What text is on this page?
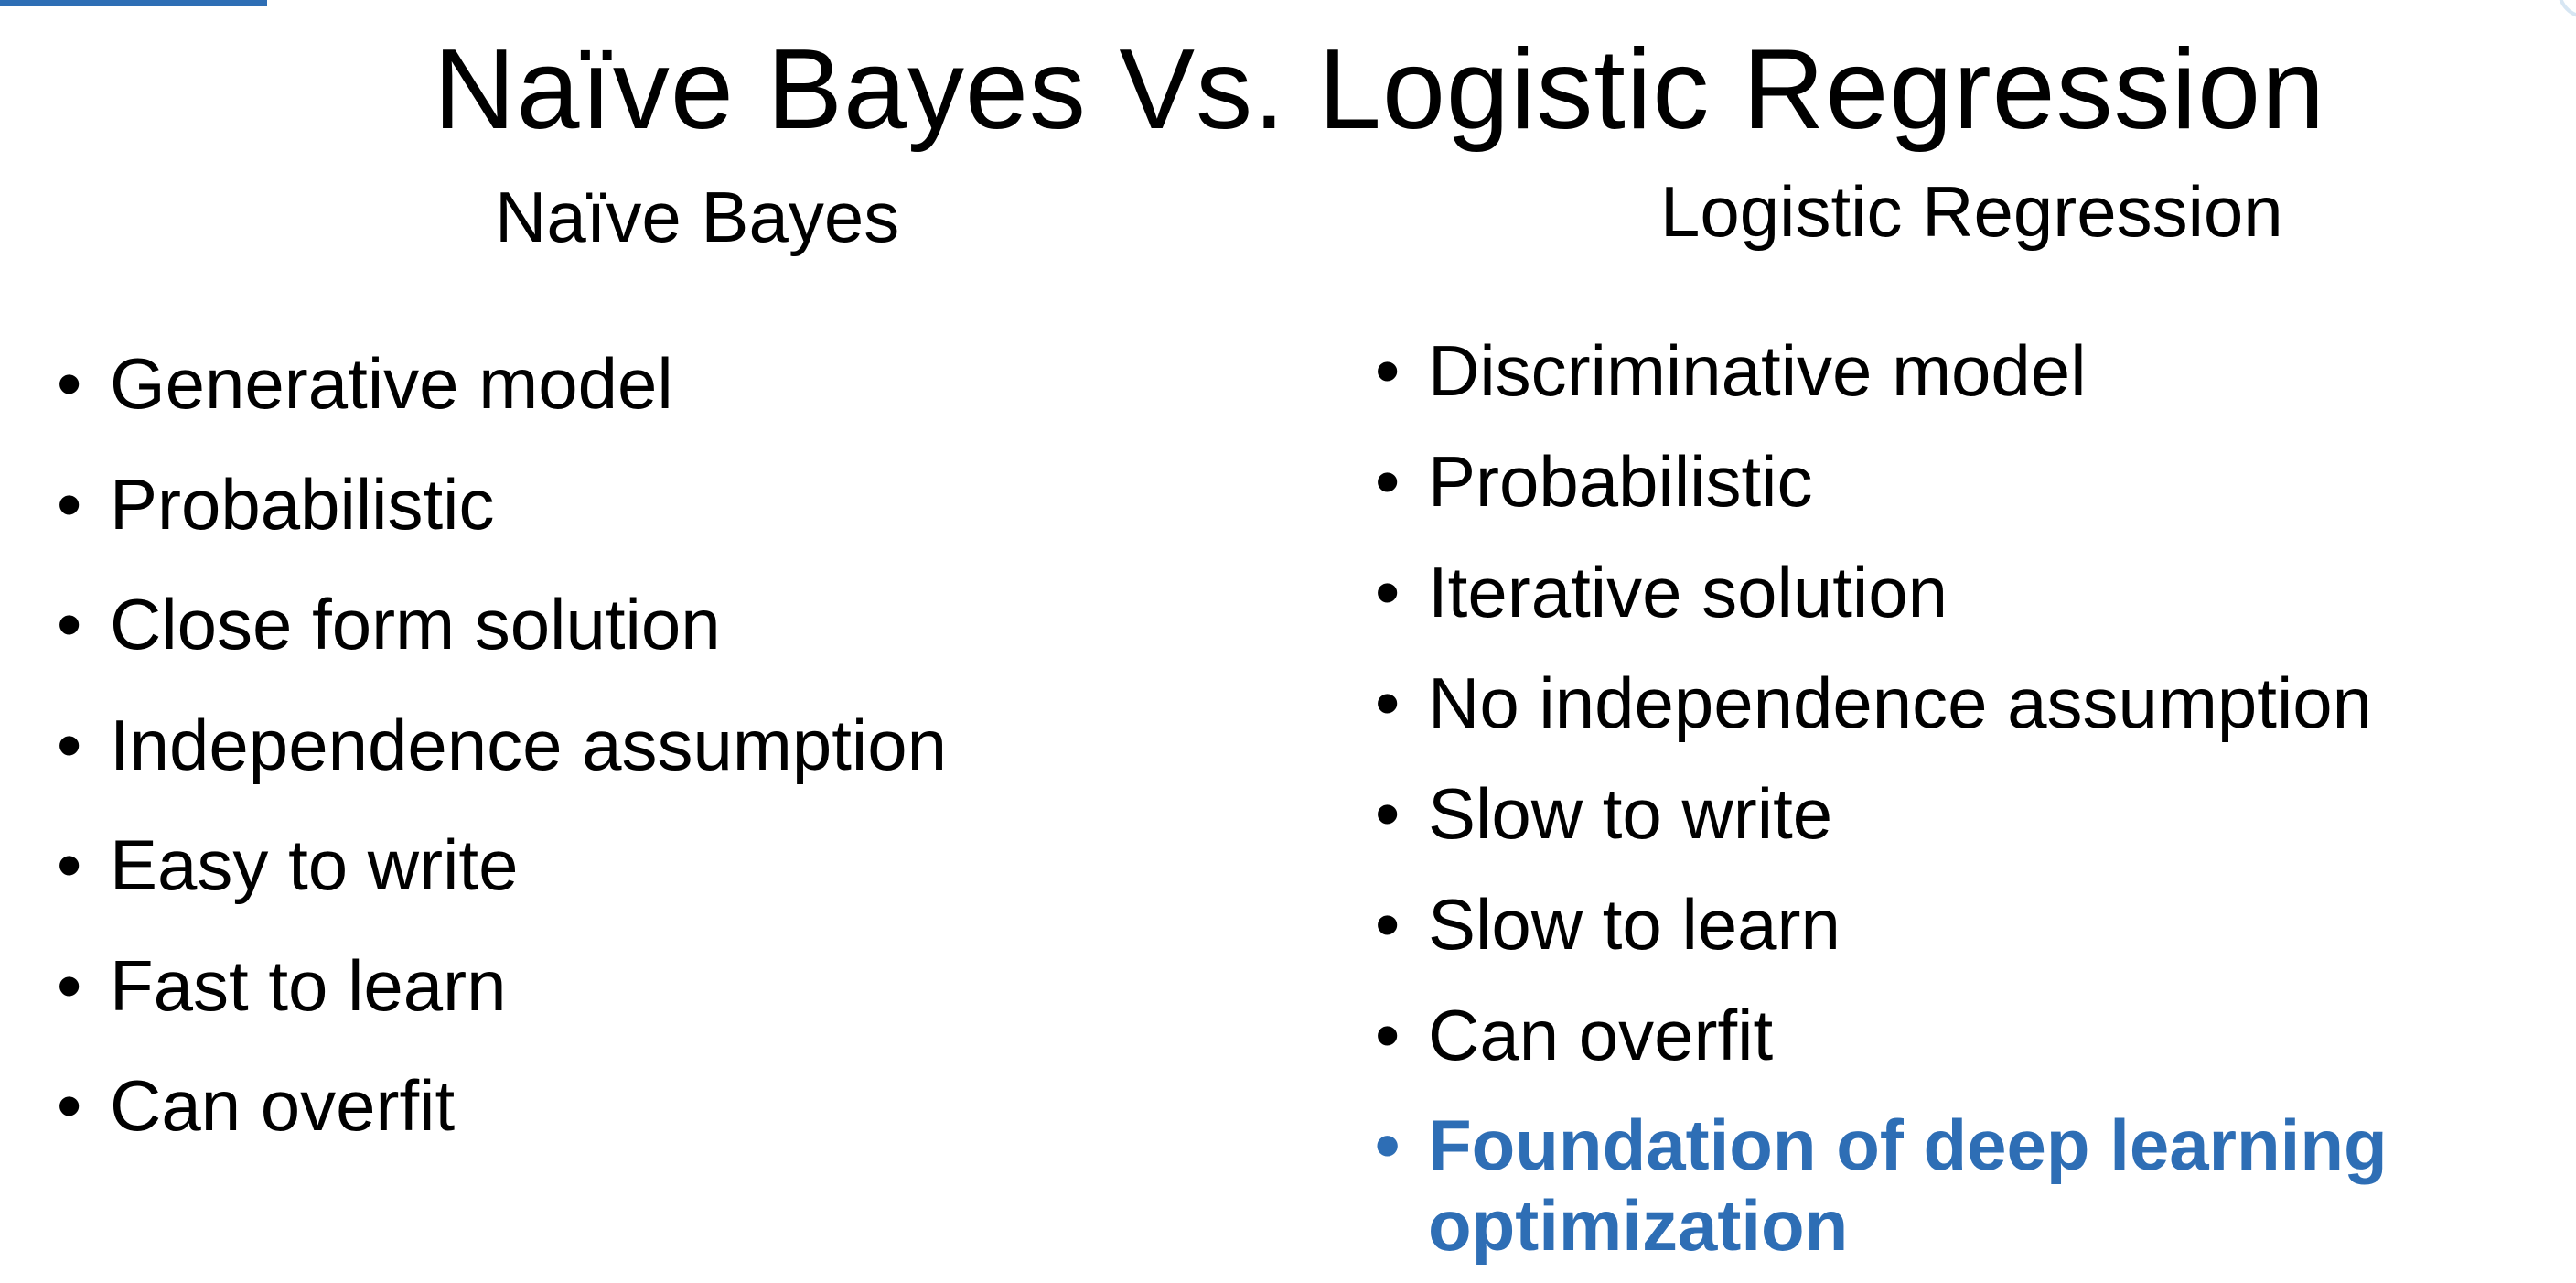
Naïve Bayes Vs. Logistic Regression
Naïve Bayes	Logistic Regression
• Generative model
• Probabilistic
• Close form solution
• Independence assumption
• Easy to write
• Fast to learn
• Can overfit
• Discriminative model
• Probabilistic
• Iterative solution
• No independence assumption
• Slow to write
• Slow to learn
• Can overfit
• Foundation of deep learning optimization
